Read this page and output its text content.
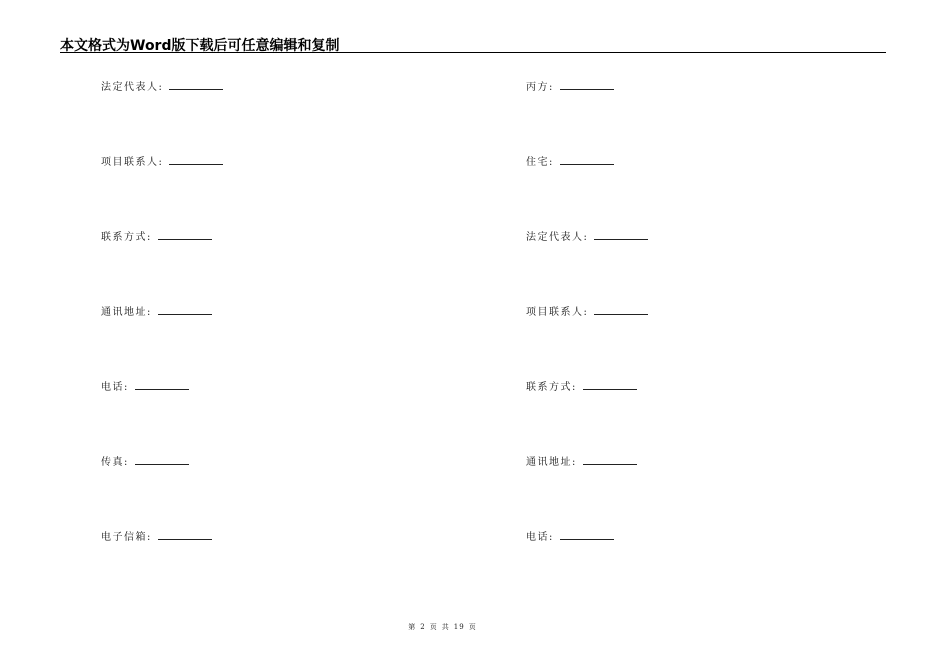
本文格式为Word版下载后可任意编辑和复制
法定代表人:
项目联系人:
联系方式:
通讯地址:
电话:
传真:
电子信箱:
丙方:
住宅:
法定代表人:
项目联系人:
联系方式:
通讯地址:
电话:
第 2 页 共 19 页
